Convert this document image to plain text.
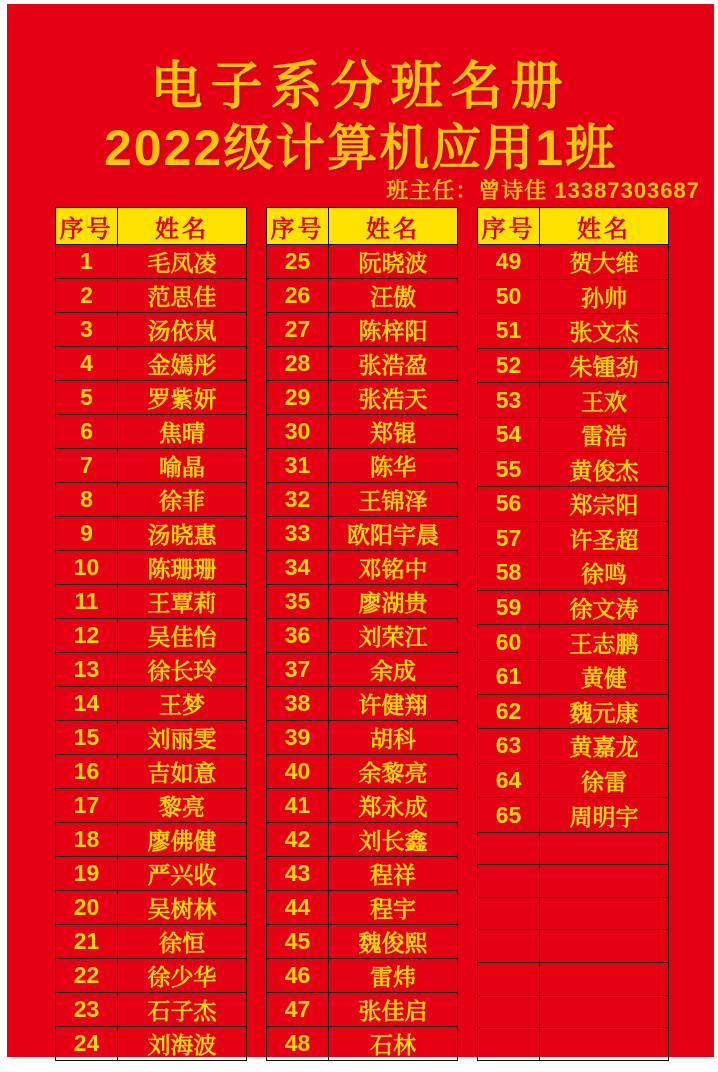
电子系分班名册
2022级计算机应用1班
班主任：曾诗佳 13387303687
序号	姓名
1	毛凤凌
2	范思佳
3	汤依岚
4	金嫣彤
5	罗紫妍
6	焦晴
7	喻晶
8	徐菲
9	汤晓惠
10	陈珊珊
11	王覃莉
12	吴佳怡
13	徐长玲
14	王梦
15	刘丽雯
16	吉如意
17	黎亮
18	廖佛健
19	严兴收
20	吴树林
21	徐恒
22	徐少华
23	石子杰
24	刘海波
序号	姓名
25	阮晓波
26	汪傲
27	陈梓阳
28	张浩盈
29	张浩天
30	郑锟
31	陈华
32	王锦泽
33	欧阳宇晨
34	邓铭中
35	廖湖贵
36	刘荣江
37	余成
38	许健翔
39	胡科
40	余黎亮
41	郑永成
42	刘长鑫
43	程祥
44	程宇
45	魏俊熙
46	雷炜
47	张佳启
48	石林
序号	姓名
49	贺大维
50	孙帅
51	张文杰
52	朱锺劲
53	王欢
54	雷浩
55	黄俊杰
56	郑宗阳
57	许圣超
58	徐鸣
59	徐文涛
60	王志鹏
61	黄健
62	魏元康
63	黄嘉龙
64	徐雷
65	周明宇
